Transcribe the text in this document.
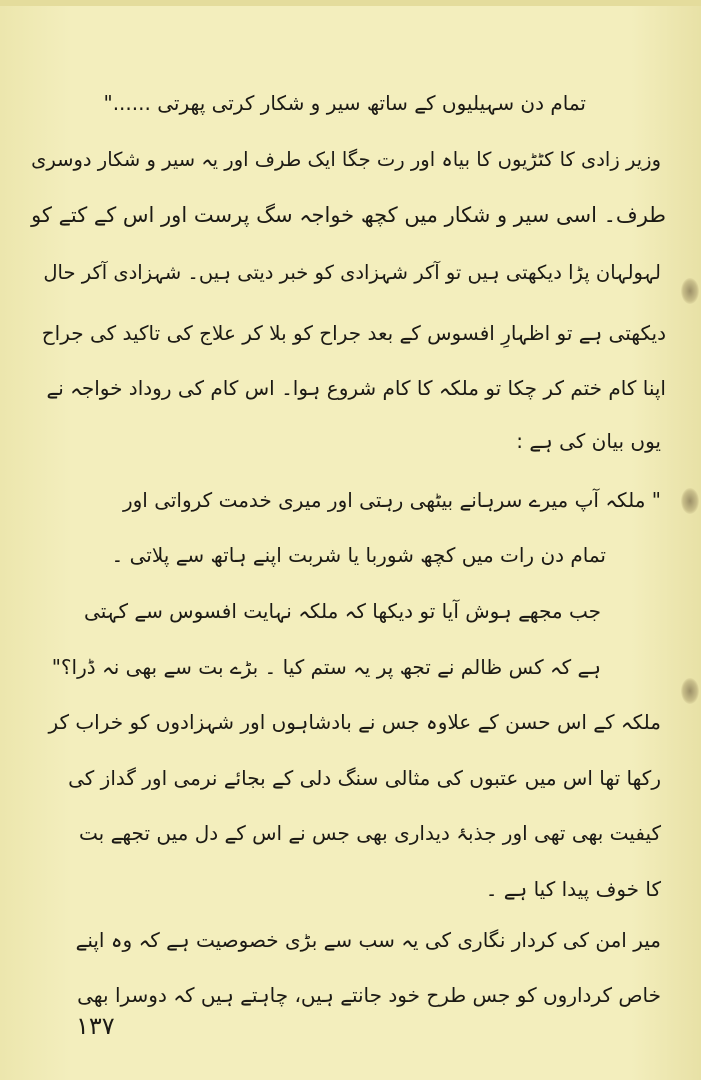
تمام دن سہیلیوں کے ساتھ سیر و شکار کرتی پھرتی ......"
وزیر زادی کا کٹڑیوں کا بیاہ اور رت جگا ایک طرف اور یہ سیر و شکار دوسری
طرف۔ اسی سیر و شکار میں کچھ خواجہ سگ پرست اور اس کے کتے کو
لہولہان پڑا دیکھتی ہیں تو آکر شہزادی کو خبر دیتی ہیں۔ شہزادی آکر حال
دیکھتی ہے تو اظہارِ افسوس کے بعد جراح کو بلا کر علاج کی تاکید کی جراح
اپنا کام ختم کر چکا تو ملکہ کا کام شروع ہوا۔ اس کام کی روداد خواجہ نے
یوں بیان کی ہے :
" ملکہ آپ میرے سرہانے بیٹھی رہتی اور میری خدمت کرواتی اور
تمام دن رات میں کچھ شوربا یا شربت اپنے ہاتھ سے پلاتی ۔
جب مجھے ہوش آیا تو دیکھا کہ ملکہ نہایت افسوس سے کہتی
ہے کہ کس ظالم نے تجھ پر یہ ستم کیا ۔ بڑے بت سے بھی نہ ڈرا؟"
ملکہ کے اس حسن کے علاوہ جس نے بادشاہوں اور شہزادوں کو خراب کر
رکھا تھا اس میں عتبوں کی مثالی سنگ دلی کے بجائے نرمی اور گداز کی
کیفیت بھی تھی اور جذبۂ دیداری بھی جس نے اس کے دل میں تجھے بت
کا خوف پیدا کیا ہے ۔
میر امن کی کردار نگاری کی یہ سب سے بڑی خصوصیت ہے کہ وہ اپنے
خاص کرداروں کو جس طرح خود جانتے ہیں، چاہتے ہیں کہ دوسرا بھی
۱۳۷
